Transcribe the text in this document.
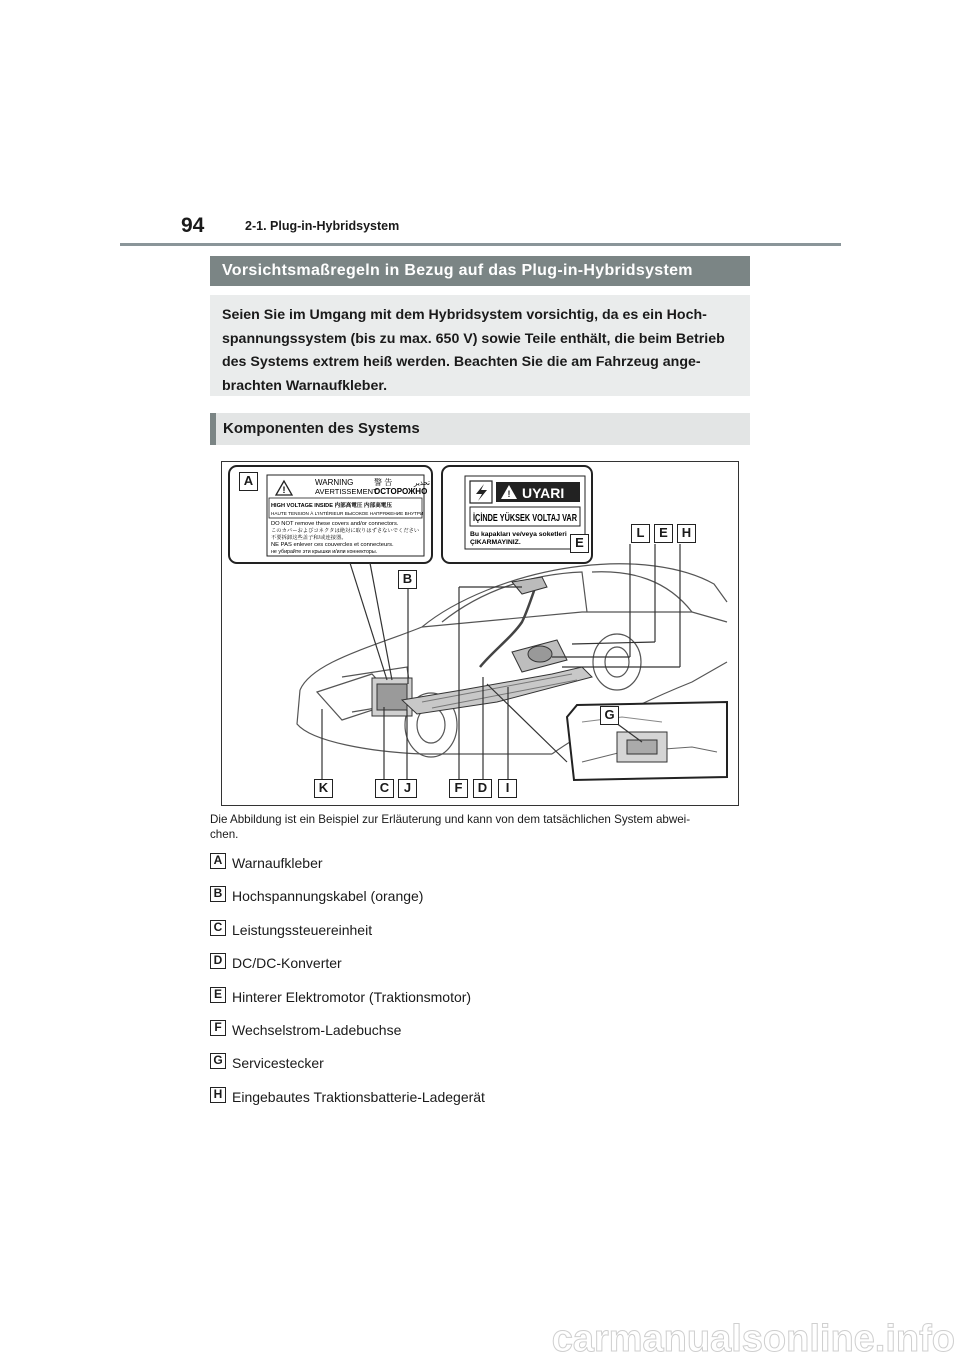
94	2-1. Plug-in-Hybridsystem
Vorsichtsmaßregeln in Bezug auf das Plug-in-Hybridsystem
Seien Sie im Umgang mit dem Hybridsystem vorsichtig, da es ein Hoch-
spannungssystem (bis zu max. 650 V) sowie Teile enthält, die beim Betrieb
des Systems extrem heiß werden. Beachten Sie die am Fahrzeug ange-
brachten Warnaufkleber.
Komponenten des Systems
!
WARNING	警 告	تحذير
AVERTISSEMENT
ОСТОРОЖНО
HIGH VOLTAGE INSIDE 内部高電圧 内部高電压
HAUTE TENSION À L'INTÉRIEUR ВЫСОКОЕ НАПРЯЖЕНИЕ ВНУТРИ
DO NOT remove these covers and/or connectors.
このカバーおよびコネクタは絶対に取りはずさないでください
不要拆卸这些盖子和/或连接器。
NE PAS enlever ces couvercles et connecteurs.
не убирайте эти крышки и/или коннекторы.
! UYARI
İÇİNDE YÜKSEK VOLTAJ VAR
Bu kapakları ve/veya soketleri
ÇIKARMAYINIZ.
A
E
L	E	H
B
G
K	C	J	F	D	I
Die Abbildung ist ein Beispiel zur Erläuterung und kann von dem tatsächlichen System abwei-
chen.
A Warnaufkleber
B Hochspannungskabel (orange)
C Leistungssteuereinheit
D DC/DC-Konverter
E Hinterer Elektromotor (Traktionsmotor)
F Wechselstrom-Ladebuchse
G Servicestecker
H Eingebautes Traktionsbatterie-Ladegerät
carmanualsonline.info
